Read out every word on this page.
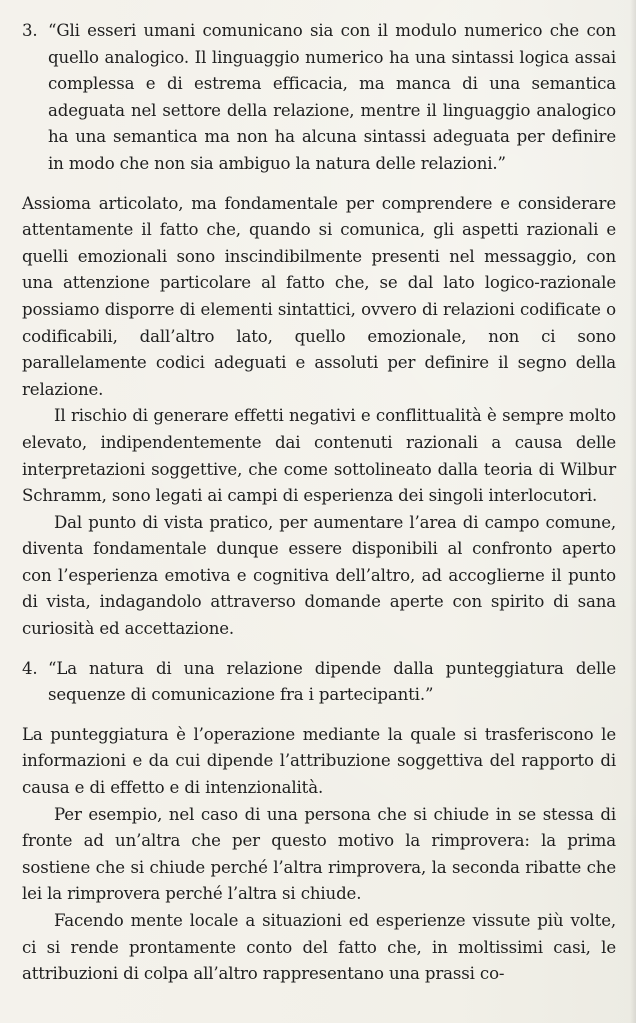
3. “Gli esseri umani comunicano sia con il modulo numerico che con quello analogico. Il linguaggio numerico ha una sintassi logica assai complessa e di estrema efficacia, ma manca di una semantica adeguata nel settore della relazione, mentre il linguaggio analogico ha una semantica ma non ha alcuna sintassi adeguata per definire in modo che non sia ambiguo la natura delle relazioni.”

Assioma articolato, ma fondamentale per comprendere e considerare attentamente il fatto che, quando si comunica, gli aspetti razionali e quelli emozionali sono inscindibilmente presenti nel messaggio, con una attenzione particolare al fatto che, se dal lato logico-razionale possiamo disporre di elementi sintattici, ovvero di relazioni codificate o codificabili, dall’altro lato, quello emozionale, non ci sono parallelamente codici adeguati e assoluti per definire il segno della relazione.

Il rischio di generare effetti negativi e conflittualità è sempre molto elevato, indipendentemente dai contenuti razionali a causa delle interpretazioni soggettive, che come sottolineato dalla teoria di Wilbur Schramm, sono legati ai campi di esperienza dei singoli interlocutori.

Dal punto di vista pratico, per aumentare l’area di campo comune, diventa fondamentale dunque essere disponibili al confronto aperto con l’esperienza emotiva e cognitiva dell’altro, ad accoglierne il punto di vista, indagandolo attraverso domande aperte con spirito di sana curiosità ed accettazione.

4. “La natura di una relazione dipende dalla punteggiatura delle sequenze di comunicazione fra i partecipanti.”

La punteggiatura è l’operazione mediante la quale si trasferiscono le informazioni e da cui dipende l’attribuzione soggettiva del rapporto di causa e di effetto e di intenzionalità.

Per esempio, nel caso di una persona che si chiude in se stessa di fronte ad un’altra che per questo motivo la rimprovera: la prima sostiene che si chiude perché l’altra rimprovera, la seconda ribatte che lei la rimprovera perché l’altra si chiude.

Facendo mente locale a situazioni ed esperienze vissute più volte, ci si rende prontamente conto del fatto che, in moltissimi casi, le attribuzioni di colpa all’altro rappresentano una prassi co-
